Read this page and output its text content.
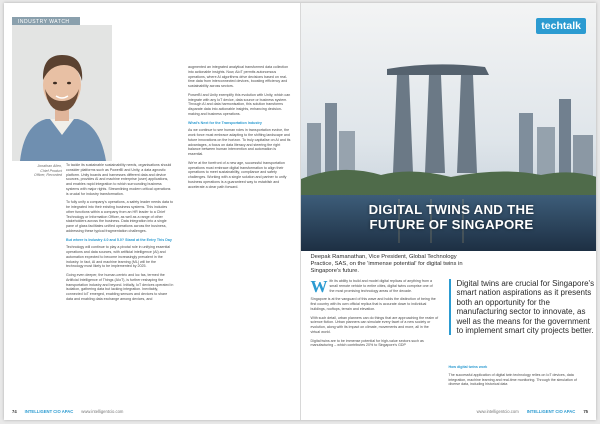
INDUSTRY WATCH
Jonathan Allen,
Chief Product
Officer, Recorded

To tackle its sustainable sustainability needs, organisations should consider platforms such as PowerBI and Unity, a data agnostic platform. Unity boards and harnesses different data and device sources, provides AI and machine enterprise (user) applications, and enables rapid integration to which surrounding business systems with major rights. Streamlining modern critical operations is crucial for industry transformation.

To fully unify a company's operations, a safety leader needs data to be integrated into their existing business systems. This includes other functions within a company from an HR leader to a Chief Technology or Information Officer, as well as a range of other stakeholders across the business. Data integration into a single pane of glass facilitates unified operations across the business, addressing these typical fragmentation challenges.

But where is Industry 4.0 and 5.0? Stand at the Entry This Day

Technology will continue to play a pivotal role in unifying essential operations and data sources, with artificial intelligence (AI) and automation expected to become increasingly prevalent in the industry. In fact, AI and machine learning (ML) will be the technology most likely to be implemented by 2025.

Going even deeper, the human-centric and loc fas, termed the Artificial Intelligence of Things (AIoT), is further reshaping the transportation industry and beyond. Initially, IoT devices operated in isolation, gathering data but lacking integration. Inevitably, connected IoT emerged, enabling sensors and devices to share data and enabling data exchange among devices, and

augmented an integrated analytical transformed data collection into actionable insights. Now, AIoT permits autonomous operations, where AI algorithms drive decisions based on real-time data from interconnected devices, boosting efficiency and sustainability across sectors.

PowerBI and Unity exemplify this evolution with Unity, which can integrate with any IoT device, data source or business system. Through AI and data harmonisation, this solution transforms disparate data into actionable insights, enhancing decision-making and business operations.

What's Next for the Transportation Industry

As we continue to see human roles in transportation evolve, the work force must embrace adapting to the shifting landscape and future innovations on the horizon. To truly capitalise on AI and its advantages, a focus on data literacy and steering the right balance between human intervention and automation is essential.

We're at the forefront of a new age, successful transportation operations must embrace digital transformation to align their operations to meet sustainability, compliance and safety challenges. Working with a single solution and partner to unify business operations is a guaranteed way to establish and accelerate a clear path forward.

74 INTELLIGENT CIO APAC www.intelligentcio.com
te chtalk
DIGITAL TWINS AND THE
FUTURE OF SINGAPORE
Deepak Ramanathan, Vice President, Global Technology Practice, SAS, on the 'immense potential' for digital twins in Singapore's future.

With its ability to build and model digital replicas of anything from a small remote vehicle to entire cities, digital twins comprise one of the most promising technology areas of the decade.

Singapore is at the vanguard of this wave and holds the distinction of being the first country with its own official replica that is accurate down to individual buildings, rooftops, terrain and elevation.

With such detail, urban planners can do things that are approaching the realm of science fiction. Urban planners can simulate every facet of a new society or evolution, along with its impact on climate, movements and more, all in the virtual world.

Digital twins are to be immense potential for high-value sectors such as manufacturing – which contributes 20% to Singapore's GDP

Digital twins are crucial for Singapore's smart nation aspirations as it presents both an opportunity for the manufacturing sector to innovate, as well as the means for the government to implement smart city projects better.
How digital twins work

The successful application of digital twin technology relies on IoT devices, data integration, machine learning and real-time monitoring. Through the simulation of diverse data, including historical data

www.intelligentcio.com INTELLIGENT CIO APAC 75
